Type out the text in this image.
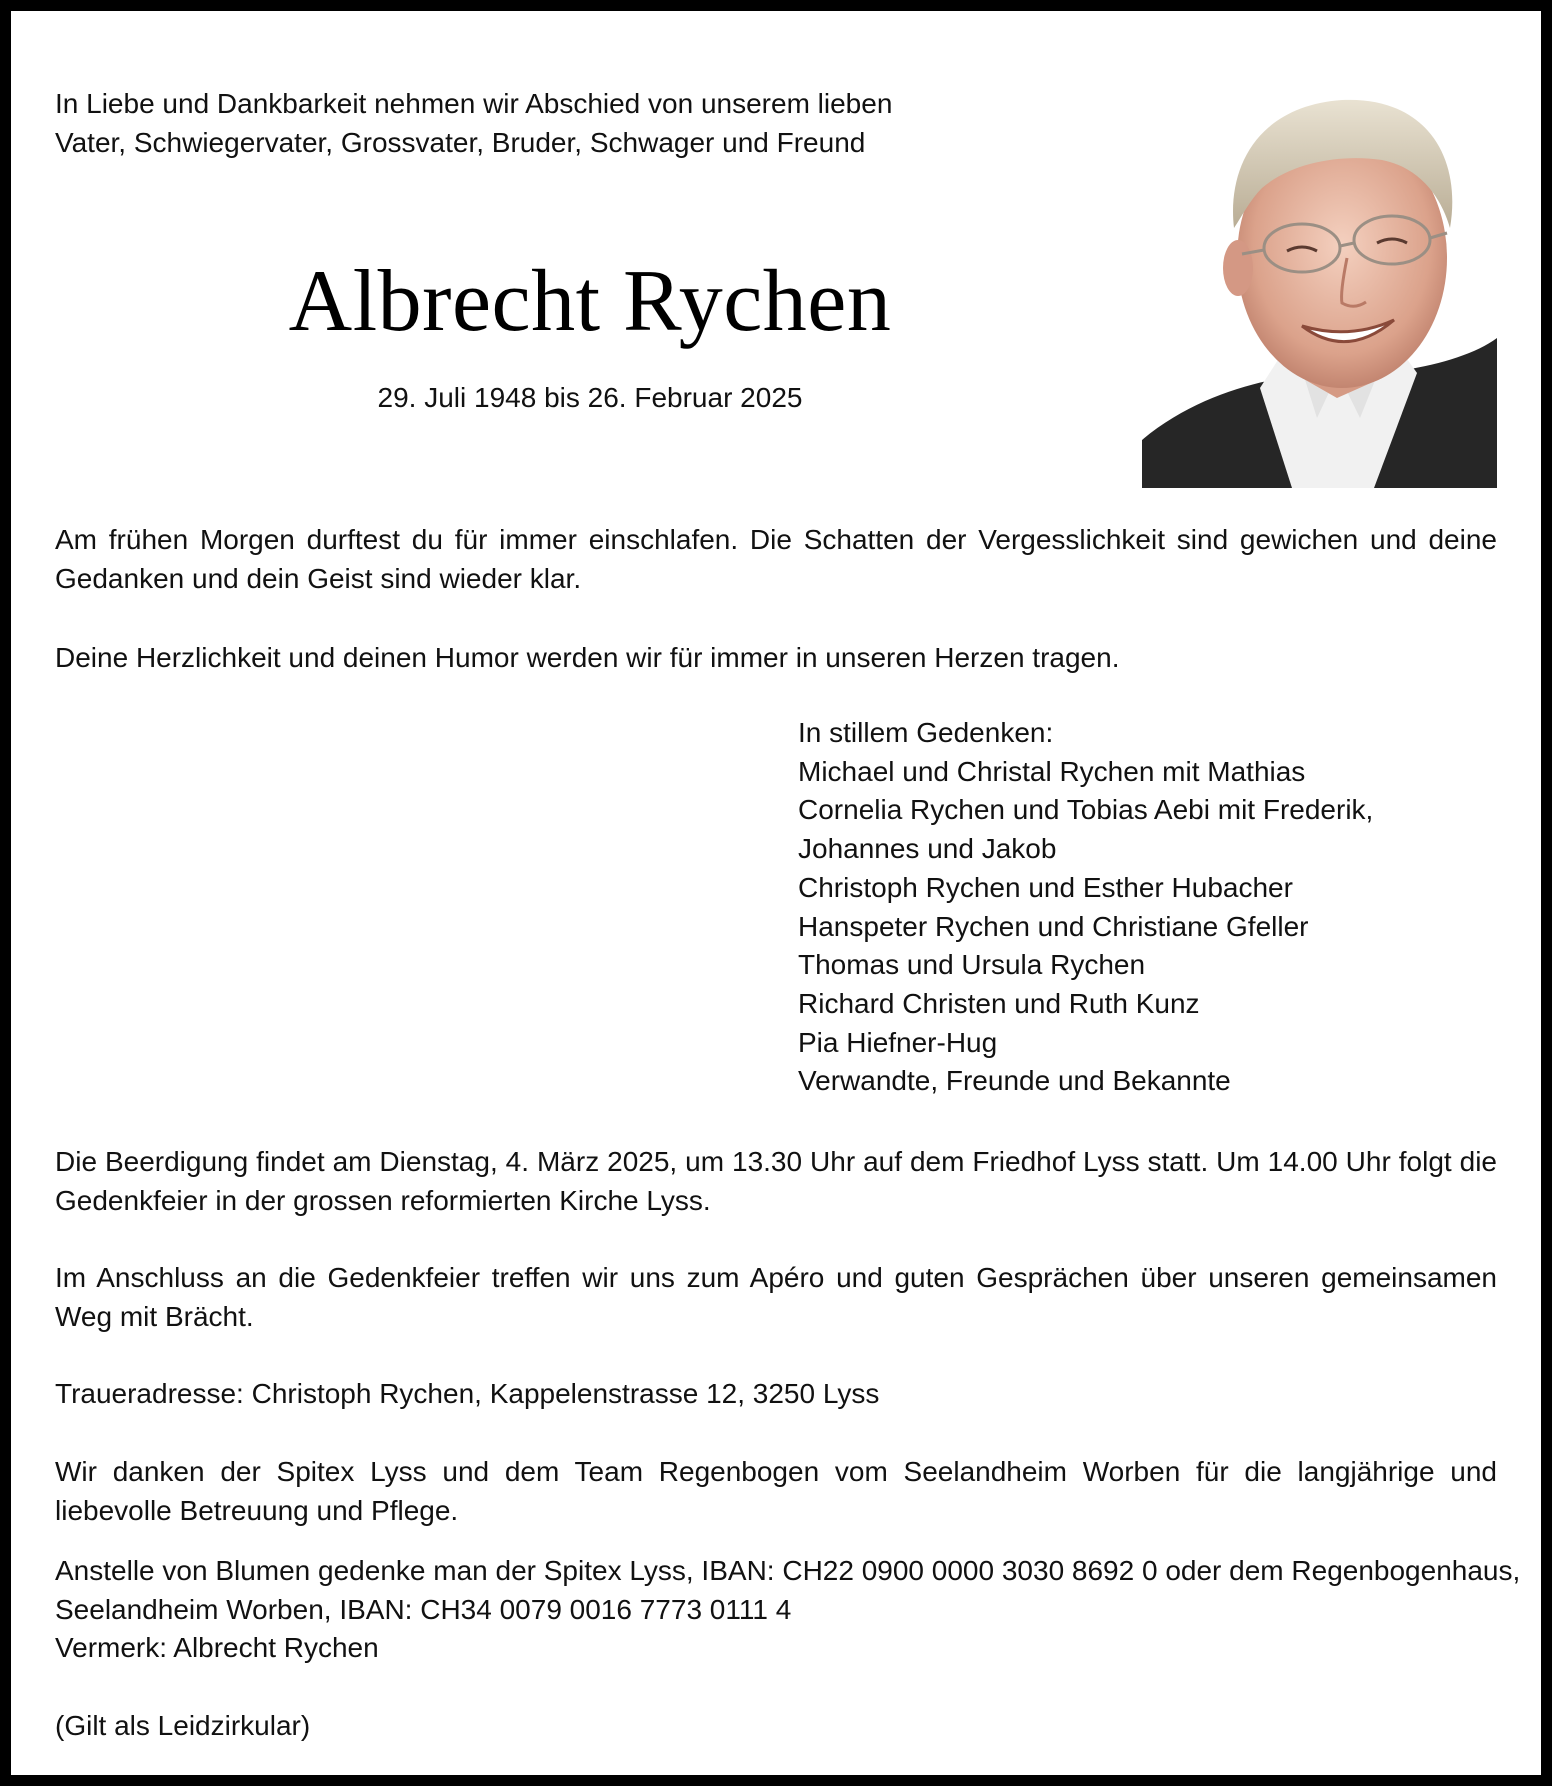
In Liebe und Dankbarkeit nehmen wir Abschied von unserem lieben

Vater, Schwiegervater, Grossvater, Bruder, Schwager und Freund

Albrecht Rychen
29. Juli 1948 bis 26. Februar 2025

Am frühen Morgen durftest du für immer einschlafen. Die Schatten der Vergesslichkeit sind gewichen und deine Gedanken und dein Geist sind wieder klar.

Deine Herzlichkeit und deinen Humor werden wir für immer in unseren Herzen tragen.

In stillem Gedenken:
Michael und Christal Rychen mit Mathias
Cornelia Rychen und Tobias Aebi mit Frederik,
Johannes und Jakob
Christoph Rychen und Esther Hubacher
Hanspeter Rychen und Christiane Gfeller
Thomas und Ursula Rychen
Richard Christen und Ruth Kunz
Pia Hiefner-Hug
Verwandte, Freunde und Bekannte

Die Beerdigung findet am Dienstag, 4. März 2025, um 13.30 Uhr auf dem Friedhof Lyss statt. Um 14.00 Uhr folgt die Gedenkfeier in der grossen reformierten Kirche Lyss.

Im Anschluss an die Gedenkfeier treffen wir uns zum Apéro und guten Gesprächen über unseren gemeinsamen Weg mit Brächt.

Traueradresse: Christoph Rychen, Kappelenstrasse 12, 3250 Lyss

Wir danken der Spitex Lyss und dem Team Regenbogen vom Seelandheim Worben für die langjährige und liebevolle Betreuung und Pflege.

Anstelle von Blumen gedenke man der Spitex Lyss, IBAN: CH22 0900 0000 3030 8692 0 oder dem Regenbogenhaus,
Seelandheim Worben, IBAN: CH34 0079 0016 7773 0111 4
Vermerk: Albrecht Rychen
(Gilt als Leidzirkular)
